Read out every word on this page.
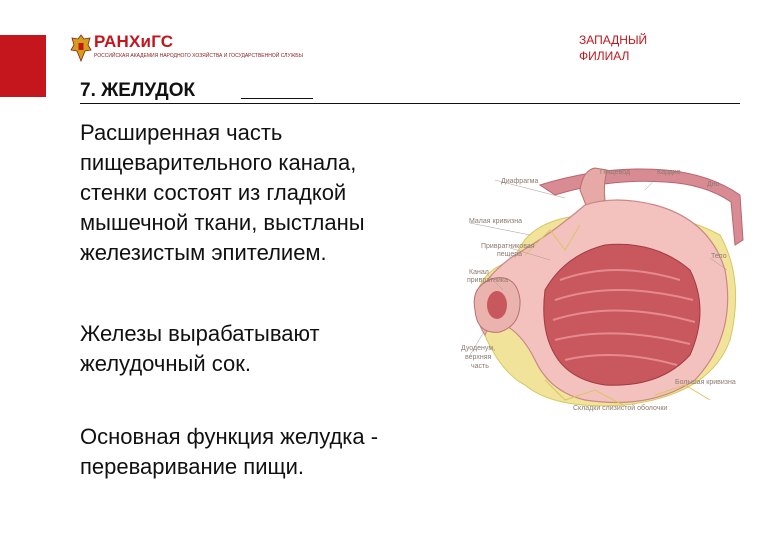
РАНХиГС
РОССИЙСКАЯ АКАДЕМИЯ НАРОДНОГО ХОЗЯЙСТВА И ГОСУДАРСТВЕННОЙ СЛУЖБЫ
ЗАПАДНЫЙ
ФИЛИАЛ
7. ЖЕЛУДОК
Расширенная часть
пищеварительного канала,
стенки состоят из гладкой
мышечной ткани, выстланы
железистым эпителием.
Железы вырабатывают
желудочный сок.
Основная функция желудка -
переваривание пищи.
Пищевод	Кардио
Диафрагма	Дно
Малая кривизна
Привратниковая
пещера
Канал
привратника
Тело
Дуоденум,
верхняя
часть
Большая кривизна
Складки слизистой оболочки
